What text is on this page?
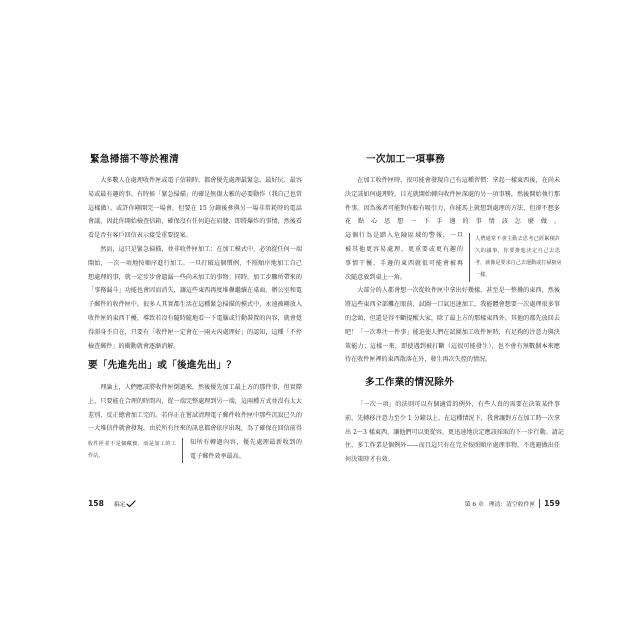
緊急掃描不等於裡清
大多數人在處理收件匣或電子信箱時，都會優先處理最緊急、最好玩、最容
易或最有趣的事。有時候「緊急掃描」的確是無傷大雅的必要動作（我自己也常
這樣做）。或許你剛開完一場會，但要在 15 分鐘後參與另一場非常耗時的電話
會議，因此你開始檢查信箱，確保沒有任何迫在眉睫、即將爆炸的事情，然後看
看是否有客戶回信表示接受重要提案。
然而，這只是緊急掃描，並非收件匣加工；在加工模式中，必須從任何一端
開始，一次一項地按順序進行加工。一旦打破這個慣例，不照順序地加工自己
想處理的事，就一定步步會遺漏一些尚未加工的事物；同時，加工步驟所帶來的
「事務漏斗」功能也會因而消失，讓這些東西再度堆疊繼續在桌面、辦公室和電
子郵件的收件匣中。很多人其實都生活在這種緊急掃描的模式中，永遠被剛放入
收件匣的東西干擾，導致若沒有隨時隨地看一下電腦或行動裝置的內容，就會覺
得渾身不自在，只要有「收件匣一定會在一兩天內處理好」的認知，這種「不停
檢查郵件」的衝動就會逐漸消解。
要「先進先出」或「後進先出」？
理論上，人們應該將收件匣倒過來，然後優先加工最上方的那件事，但實際
上，只要能在合理的時間內，從一端完整處理到另一端，這兩種方式並沒有太大
差別，反正總會加工完的。若你正在嘗試清理電子郵件收件匣中那些沉寂已久的
一大堆信件就會發現，由於所有往來的訊息都會依序出現，為了確保在回信前得
知所有轉過內容，優先處理最新收到的
電子郵件效率最高。
收件匣並不是個藏寶，而是加工的工
作站。
158 搞定
一次加工一項事務
在加工收件匣時，很可能會發現自己有這種習慣：拿起一樣東西後，在尚未
決定該如何處理時，目光就開始轉向收件匣深處的另一項事務，然後開始執行那
件事。因為後者可能對你較有吸引力，你能馬上就想到處理的方法，但卻不想多
花點心思想一下手邊的事情該怎麼做。
這個行為是踏入危險區域的警報，一旦
被其他更容易處理、更重要或更有趣的
事情干擾，手邊的東西就很可能會被再
次隨意放到桌上一角。
人們通常不會主動去思考已經累積許
久的議事，你要推進決定自己去思
考，就像是要求自己去運動或打掃廚房
一樣。
大部分的人都會想一次從收件匣中拿出好幾樣，甚至是一整疊的東西，然後
將這些東西全部攤在眼前，試圖一口氣迅速加工，我能體會想要一次處理很多事
的念頭，但還是得不斷提醒大家，除了最上方的那樣東西外，其他的都先放回去
吧！「一次專注一件事」能迫使人們在試圖加工收件匣時，有足夠的注意力與決
策能力；這樣一來，即使遇到被打斷（這很可能發生），也不會有無數個本來應
待在收件匣裡的東西散落在外，發生再次失控的情況。
多工作業的情況除外
「一次一項」的法則可以有個適當的例外，有些人真的需要在決策某件事
前，先轉移注意力至少 1 分鐘以上。在這種情況下，我會讓對方在加工時一次拿
出 2～3 樣東西，讓他們可以更從容，更迅速地決定應該採取的下一步行動。請記
住，多工作業是個例外——而且這只有在完全按照順序處理事物，不逃避做出任
何決策時才有效。
第 6 章 理清：清空收件匣	159
